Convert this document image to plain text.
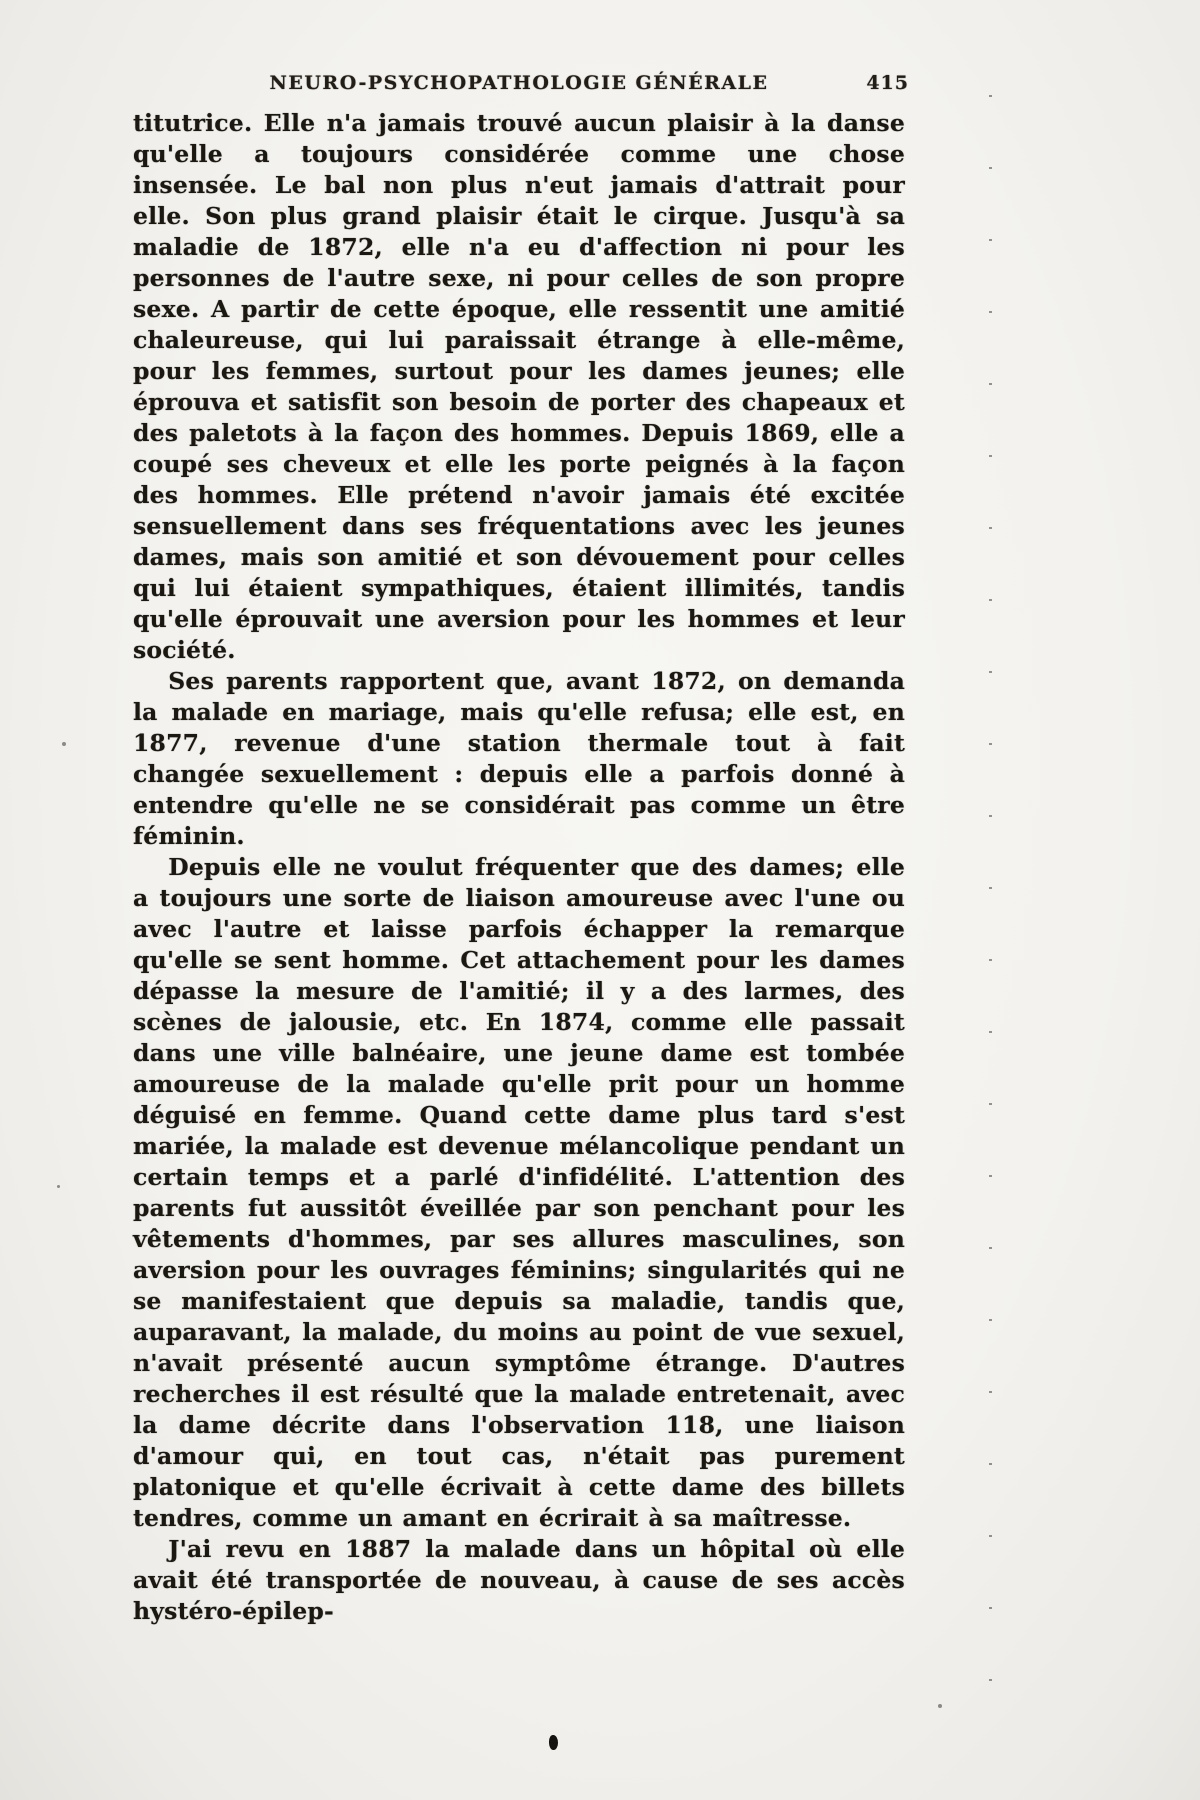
NEURO-PSYCHOPATHOLOGIE GÉNÉRALE	415

titutrice. Elle n'a jamais trouvé aucun plaisir à la danse qu'elle a toujours considérée comme une chose insensée. Le bal non plus n'eut jamais d'attrait pour elle. Son plus grand plaisir était le cirque. Jusqu'à sa maladie de 1872, elle n'a eu d'affection ni pour les personnes de l'autre sexe, ni pour celles de son propre sexe. A partir de cette époque, elle ressentit une amitié chaleureuse, qui lui paraissait étrange à elle-même, pour les femmes, surtout pour les dames jeunes; elle éprouva et satisfit son besoin de porter des chapeaux et des paletots à la façon des hommes. Depuis 1869, elle a coupé ses cheveux et elle les porte peignés à la façon des hommes. Elle prétend n'avoir jamais été excitée sensuellement dans ses fréquentations avec les jeunes dames, mais son amitié et son dévouement pour celles qui lui étaient sympathiques, étaient illimités, tandis qu'elle éprouvait une aversion pour les hommes et leur société.

Ses parents rapportent que, avant 1872, on demanda la malade en mariage, mais qu'elle refusa; elle est, en 1877, revenue d'une station thermale tout à fait changée sexuellement : depuis elle a parfois donné à entendre qu'elle ne se considérait pas comme un être féminin.

Depuis elle ne voulut fréquenter que des dames; elle a toujours une sorte de liaison amoureuse avec l'une ou avec l'autre et laisse parfois échapper la remarque qu'elle se sent homme. Cet attachement pour les dames dépasse la mesure de l'amitié; il y a des larmes, des scènes de jalousie, etc. En 1874, comme elle passait dans une ville balnéaire, une jeune dame est tombée amoureuse de la malade qu'elle prit pour un homme déguisé en femme. Quand cette dame plus tard s'est mariée, la malade est devenue mélancolique pendant un certain temps et a parlé d'infidélité. L'attention des parents fut aussitôt éveillée par son penchant pour les vêtements d'hommes, par ses allures masculines, son aversion pour les ouvrages féminins; singularités qui ne se manifestaient que depuis sa maladie, tandis que, auparavant, la malade, du moins au point de vue sexuel, n'avait présenté aucun symptôme étrange. D'autres recherches il est résulté que la malade entretenait, avec la dame décrite dans l'observation 118, une liaison d'amour qui, en tout cas, n'était pas purement platonique et qu'elle écrivait à cette dame des billets tendres, comme un amant en écrirait à sa maîtresse.

J'ai revu en 1887 la malade dans un hôpital où elle avait été transportée de nouveau, à cause de ses accès hystéro-épilep-
